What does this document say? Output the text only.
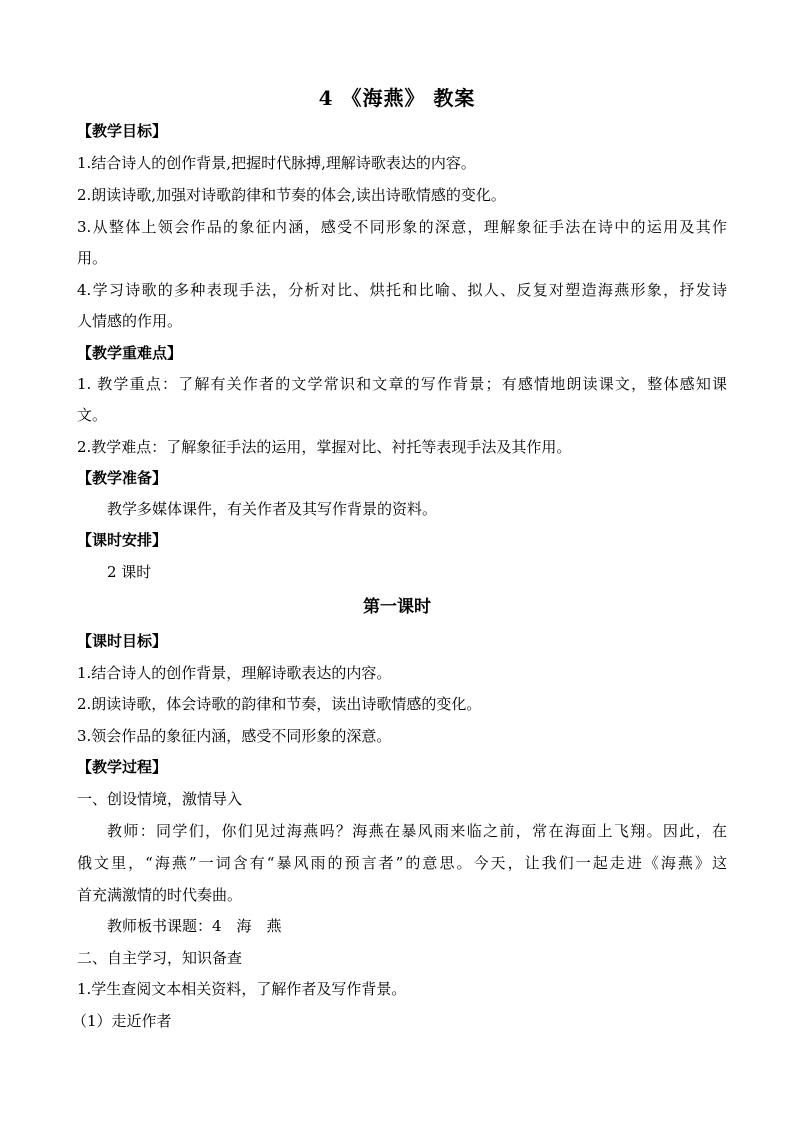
4 《海燕》 教案
【教学目标】
1.结合诗人的创作背景,把握时代脉搏,理解诗歌表达的内容。
2.朗读诗歌,加强对诗歌韵律和节奏的体会,读出诗歌情感的变化。
3.从整体上领会作品的象征内涵，感受不同形象的深意，理解象征手法在诗中的运用及其作
用。
4.学习诗歌的多种表现手法，分析对比、烘托和比喻、拟人、反复对塑造海燕形象，抒发诗
人情感的作用。
【教学重难点】
1. 教学重点：了解有关作者的文学常识和文章的写作背景；有感情地朗读课文，整体感知课
文。
2.教学难点：了解象征手法的运用，掌握对比、衬托等表现手法及其作用。
【教学准备】
教学多媒体课件，有关作者及其写作背景的资料。
【课时安排】
2 课时
第一课时
【课时目标】
1.结合诗人的创作背景，理解诗歌表达的内容。
2.朗读诗歌，体会诗歌的韵律和节奏，读出诗歌情感的变化。
3.领会作品的象征内涵，感受不同形象的深意。
【教学过程】
一、创设情境，激情导入
教师：同学们，你们见过海燕吗？海燕在暴风雨来临之前，常在海面上飞翔。因此，在
俄文里，“海燕”一词含有“暴风雨的预言者”的意思。今天，让我们一起走进《海燕》这
首充满激情的时代奏曲。
教师板书课题：4　海　燕
二、自主学习，知识备查
1.学生查阅文本相关资料，了解作者及写作背景。
（1）走近作者
